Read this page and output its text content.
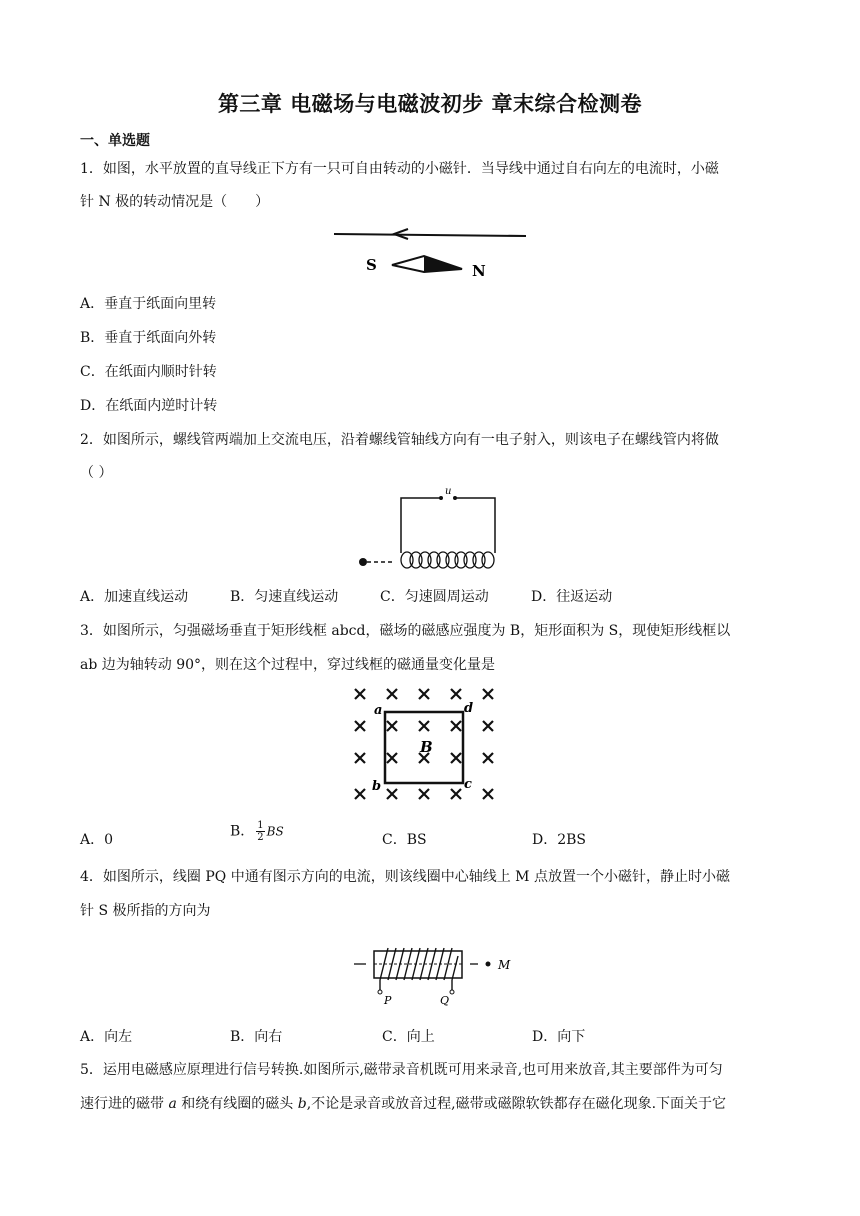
第三章 电磁场与电磁波初步 章末综合检测卷
一、单选题
1．如图，水平放置的直导线正下方有一只可自由转动的小磁针．当导线中通过自右向左的电流时，小磁
针 N 极的转动情况是（　　）
S	N
A．垂直于纸面向里转
B．垂直于纸面向外转
C．在纸面内顺时针转
D．在纸面内逆时计转
2．如图所示，螺线管两端加上交流电压，沿着螺线管轴线方向有一电子射入，则该电子在螺线管内将做
（ ）
u
A．加速直线运动	B．匀速直线运动	C．匀速圆周运动	D．往返运动
3．如图所示，匀强磁场垂直于矩形线框 abcd，磁场的磁感应强度为 B，矩形面积为 S，现使矩形线框以
ab 边为轴转动 90°，则在这个过程中，穿过线框的磁通量变化量是
a	d
b	c
B
A．0
B． $\frac{1}{2}$ BS
C．BS	D．2BS
4．如图所示，线圈 PQ 中通有图示方向的电流，则该线圈中心轴线上 M 点放置一个小磁针，静止时小磁
针 S 极所指的方向为
M
P	Q
A．向左	B．向右	C．向上	D．向下
5．运用电磁感应原理进行信号转换.如图所示,磁带录音机既可用来录音,也可用来放音,其主要部件为可匀
速行进的磁带 a 和绕有线圈的磁头 b,不论是录音或放音过程,磁带或磁隙软铁都存在磁化现象.下面关于它
